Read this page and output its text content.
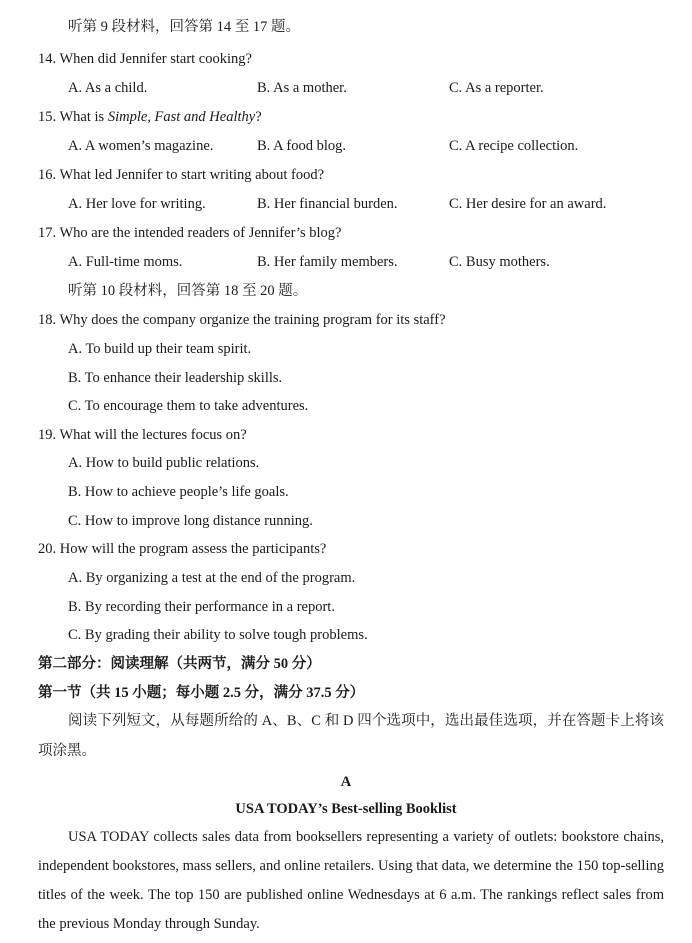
听第 9 段材料，回答第 14 至 17 题。
14. When did Jennifer start cooking?
A. As a child.	B. As a mother.	C. As a reporter.
15. What is Simple, Fast and Healthy?
A. A women’s magazine.	B. A food blog.	C. A recipe collection.
16. What led Jennifer to start writing about food?
A. Her love for writing.	B. Her financial burden.	C. Her desire for an award.
17. Who are the intended readers of Jennifer’s blog?
A. Full-time moms.	B. Her family members.	C. Busy mothers.
听第 10 段材料，回答第 18 至 20 题。
18. Why does the company organize the training program for its staff?
A. To build up their team spirit.
B. To enhance their leadership skills.
C. To encourage them to take adventures.
19. What will the lectures focus on?
A. How to build public relations.
B. How to achieve people’s life goals.
C. How to improve long distance running.
20. How will the program assess the participants?
A. By organizing a test at the end of the program.
B. By recording their performance in a report.
C. By grading their ability to solve tough problems.
第二部分：阅读理解（共两节，满分 50 分）
第一节（共 15 小题；每小题 2.5 分，满分 37.5 分）
阅读下列短文，从每题所给的 A、B、C 和 D 四个选项中，选出最佳选项，并在答题卡上将该项涂黑。
A
USA TODAY’s Best-selling Booklist
USA TODAY collects sales data from booksellers representing a variety of outlets: bookstore chains, independent bookstores, mass sellers, and online retailers. Using that data, we determine the 150 top-selling titles of the week. The top 150 are published online Wednesdays at 6 a.m. The rankings reflect sales from the previous Monday through Sunday.
